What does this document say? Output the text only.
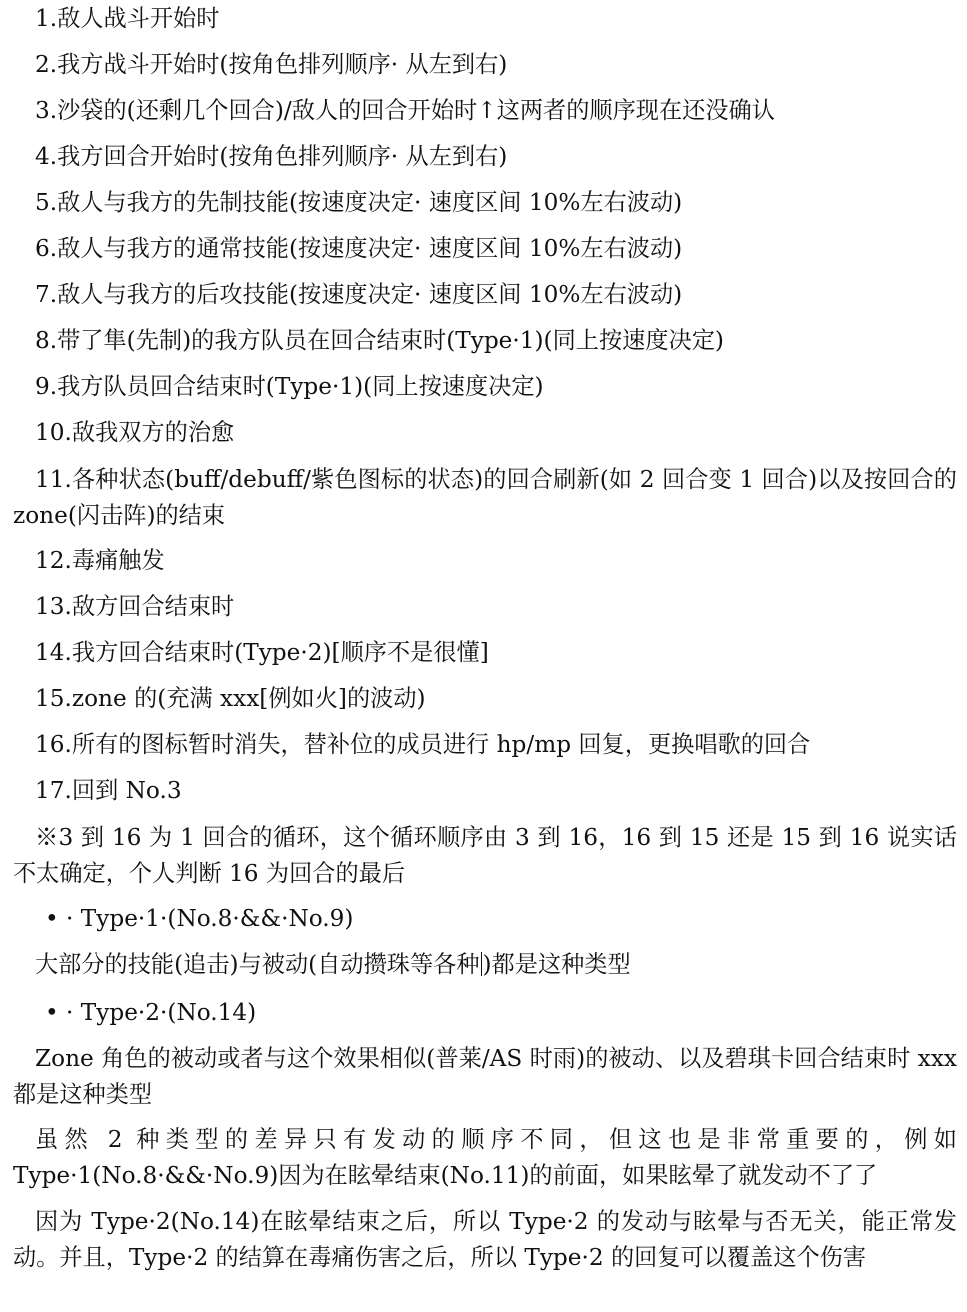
1.敌人战斗开始时
2.我方战斗开始时(按角色排列顺序· 从左到右)
3.沙袋的(还剩几个回合)/敌人的回合开始时↑这两者的顺序现在还没确认
4.我方回合开始时(按角色排列顺序· 从左到右)
5.敌人与我方的先制技能(按速度决定· 速度区间 10%左右波动)
6.敌人与我方的通常技能(按速度决定· 速度区间 10%左右波动)
7.敌人与我方的后攻技能(按速度决定· 速度区间 10%左右波动)
8.带了隼(先制)的我方队员在回合结束时(Type·1)(同上按速度决定)
9.我方队员回合结束时(Type·1)(同上按速度决定)
10.敌我双方的治愈
11.各种状态(buff/debuff/紫色图标的状态)的回合刷新(如 2 回合变 1 回合)以及按回合的 zone(闪击阵)的结束
12.毒痛触发
13.敌方回合结束时
14.我方回合结束时(Type·2)[顺序不是很懂]
15.zone 的(充满 xxx[例如火]的波动)
16.所有的图标暂时消失，替补位的成员进行 hp/mp 回复，更换唱歌的回合
17.回到 No.3
※3 到 16 为 1 回合的循环，这个循环顺序由 3 到 16，16 到 15 还是 15 到 16 说实话不太确定，个人判断 16 为回合的最后
• · Type·1·(No.8·&&·No.9)
大部分的技能(追击)与被动(自动攒珠等各种 )都是这种类型
• · Type·2·(No.14)
Zone 角色的被动或者与这个效果相似(普莱/AS 时雨)的被动、以及碧琪卡回合结束时 xxx 都是这种类型
虽然 2 种类型的差异只有发动的顺序不同，但这也是非常重要的，例如 Type·1(No.8·&&·No.9)因为在眩晕结束(No.11)的前面，如果眩晕了就发动不了了
因为 Type·2(No.14)在眩晕结束之后，所以 Type·2 的发动与眩晕与否无关，能正常发动。并且，Type·2 的结算在毒痛伤害之后，所以 Type·2 的回复可以覆盖这个伤害
